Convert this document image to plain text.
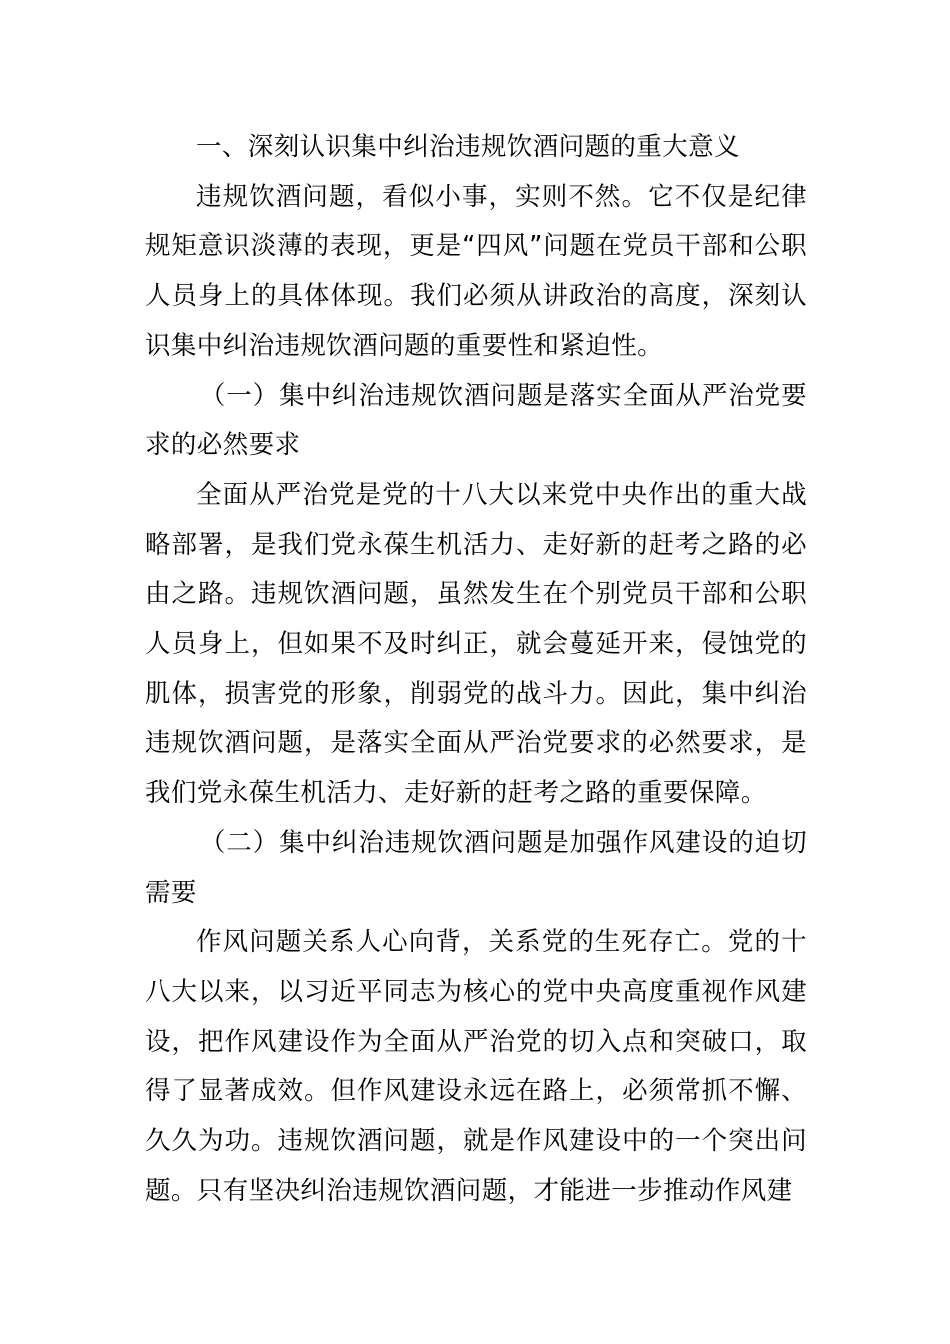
一、深刻认识集中纠治违规饮酒问题的重大意义

违规饮酒问题，看似小事，实则不然。它不仅是纪律规矩意识淡薄的表现，更是“四风”问题在党员干部和公职人员身上的具体体现。我们必须从讲政治的高度，深刻认识集中纠治违规饮酒问题的重要性和紧迫性。

（一）集中纠治违规饮酒问题是落实全面从严治党要求的必然要求

全面从严治党是党的十八大以来党中央作出的重大战略部署，是我们党永葆生机活力、走好新的赶考之路的必由之路。违规饮酒问题，虽然发生在个别党员干部和公职人员身上，但如果不及时纠正，就会蔓延开来，侵蚀党的肌体，损害党的形象，削弱党的战斗力。因此，集中纠治违规饮酒问题，是落实全面从严治党要求的必然要求，是我们党永葆生机活力、走好新的赶考之路的重要保障。

（二）集中纠治违规饮酒问题是加强作风建设的迫切需要

作风问题关系人心向背，关系党的生死存亡。党的十八大以来，以习近平同志为核心的党中央高度重视作风建设，把作风建设作为全面从严治党的切入点和突破口，取得了显著成效。但作风建设永远在路上，必须常抓不懈、久久为功。违规饮酒问题，就是作风建设中的一个突出问题。只有坚决纠治违规饮酒问题，才能进一步推动作风建
